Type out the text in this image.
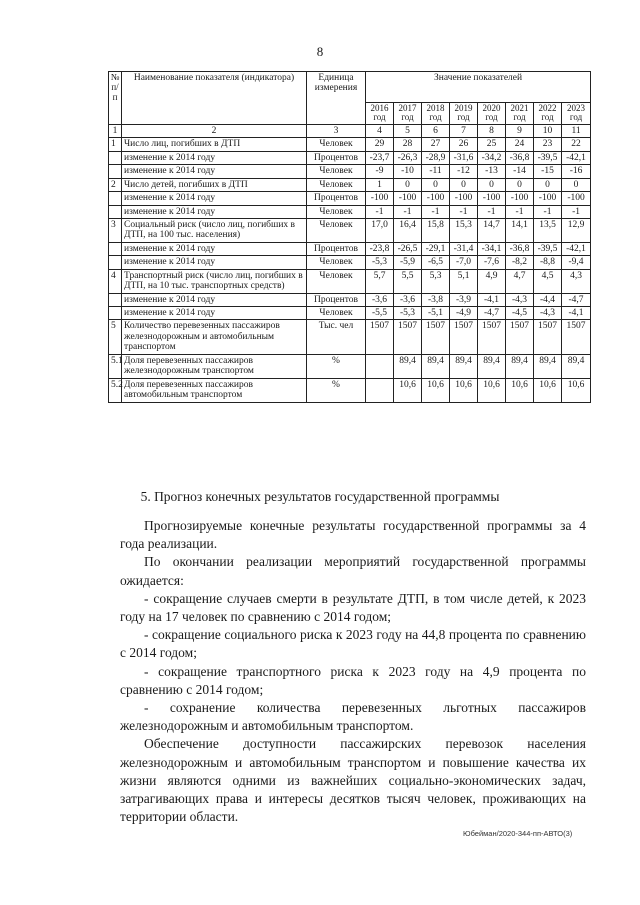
8
№ п/п	Наименование показателя (индикатора)	Единица измерения	Значение показателей							
			2016 год	2017 год	2018 год	2019 год	2020 год	2021 год	2022 год	2023 год
1	2	3	4	5	6	7	8	9	10	11
1	Число лиц, погибших в ДТП	Человек	29	28	27	26	25	24	23	22
	изменение к 2014 году	Процентов	-23,7	-26,3	-28,9	-31,6	-34,2	-36,8	-39,5	-42,1
	изменение к 2014 году	Человек	-9	-10	-11	-12	-13	-14	-15	-16
2	Число детей, погибших в ДТП	Человек	1	0	0	0	0	0	0	0
	изменение к 2014 году	Процентов	-100	-100	-100	-100	-100	-100	-100	-100
	изменение к 2014 году	Человек	-1	-1	-1	-1	-1	-1	-1	-1
3	Социальный риск (число лиц, погибших в ДТП, на 100 тыс. населения)	Человек	17,0	16,4	15,8	15,3	14,7	14,1	13,5	12,9
	изменение к 2014 году	Процентов	-23,8	-26,5	-29,1	-31,4	-34,1	-36,8	-39,5	-42,1
	изменение к 2014 году	Человек	-5,3	-5,9	-6,5	-7,0	-7,6	-8,2	-8,8	-9,4
4	Транспортный риск (число лиц, погибших в ДТП, на 10 тыс. транспортных средств)	Человек	5,7	5,5	5,3	5,1	4,9	4,7	4,5	4,3
	изменение к 2014 году	Процентов	-3,6	-3,6	-3,8	-3,9	-4,1	-4,3	-4,4	-4,7
	изменение к 2014 году	Человек	-5,5	-5,3	-5,1	-4,9	-4,7	-4,5	-4,3	-4,1
5	Количество перевезенных пассажиров железнодорожным и автомобильным транспортом	Тыс. чел	1507	1507	1507	1507	1507	1507	1507	1507
5.1	Доля перевезенных пассажиров железнодорожным транспортом	%		89,4	89,4	89,4	89,4	89,4	89,4	89,4
5.2	Доля перевезенных пассажиров автомобильным транспортом	%		10,6	10,6	10,6	10,6	10,6	10,6	10,6
5. Прогноз конечных результатов государственной программы

Прогнозируемые конечные результаты государственной программы за 4 года реализации.

По окончании реализации мероприятий государственной программы ожидается:

- сокращение случаев смерти в результате ДТП, в том числе детей, к 2023 году на 17 человек по сравнению с 2014 годом;

- сокращение социального риска к 2023 году на 44,8 процента по сравнению с 2014 годом;

- сокращение транспортного риска к 2023 году на 4,9 процента по сравнению с 2014 годом;

- сохранение количества перевезенных льготных пассажиров железнодорожным и автомобильным транспортом.

Обеспечение доступности пассажирских перевозок населения железнодорожным и автомобильным транспортом и повышение качества их жизни являются одними из важнейших социально-экономических задач, затрагивающих права и интересы десятков тысяч человек, проживающих на территории области.

Юбейман/2020-344-пп-АВТО(3)
